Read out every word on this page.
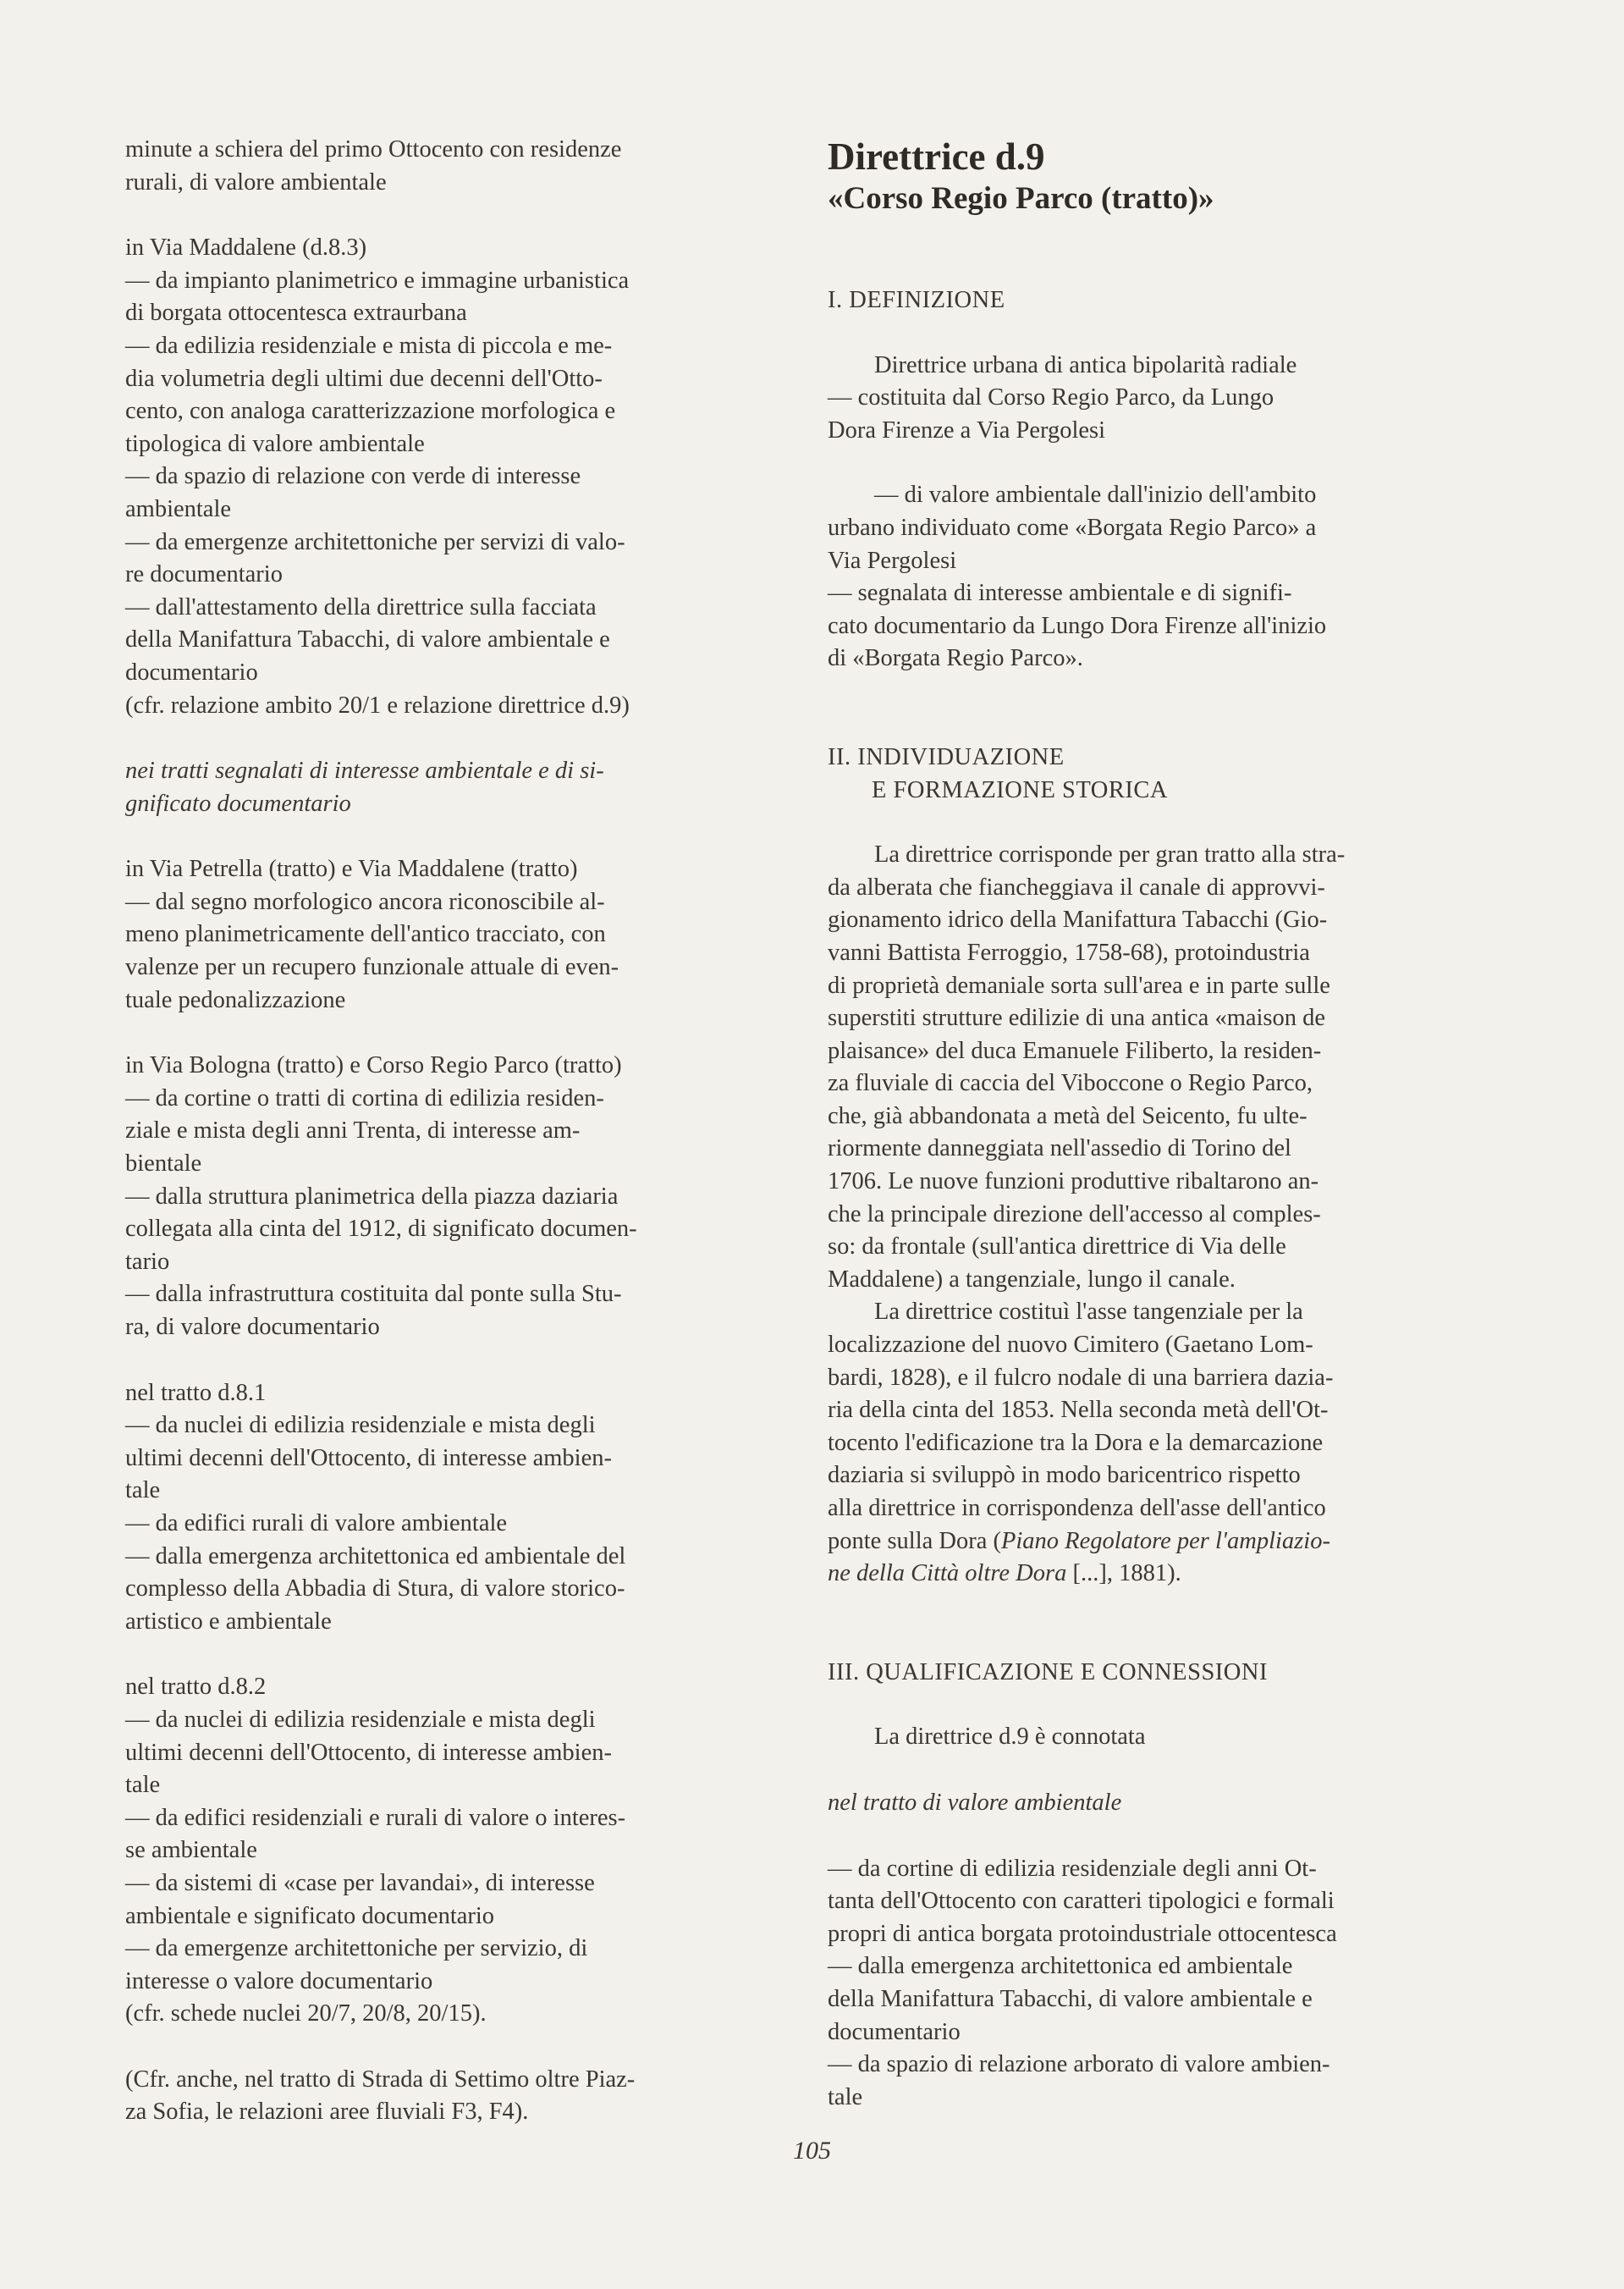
minute a schiera del primo Ottocento con residenze
rurali, di valore ambientale
in Via Maddalene (d.8.3)
— da impianto planimetrico e immagine urbanistica
di borgata ottocentesca extraurbana
— da edilizia residenziale e mista di piccola e me-
dia volumetria degli ultimi due decenni dell'Otto-
cento, con analoga caratterizzazione morfologica e
tipologica di valore ambientale
— da spazio di relazione con verde di interesse
ambientale
— da emergenze architettoniche per servizi di valo-
re documentario
— dall'attestamento della direttrice sulla facciata
della Manifattura Tabacchi, di valore ambientale e
documentario
(cfr. relazione ambito 20/1 e relazione direttrice d.9)
nei tratti segnalati di interesse ambientale e di si-
gnificato documentario
in Via Petrella (tratto) e Via Maddalene (tratto)
— dal segno morfologico ancora riconoscibile al-
meno planimetricamente dell'antico tracciato, con
valenze per un recupero funzionale attuale di even-
tuale pedonalizzazione
in Via Bologna (tratto) e Corso Regio Parco (tratto)
— da cortine o tratti di cortina di edilizia residen-
ziale e mista degli anni Trenta, di interesse am-
bientale
— dalla struttura planimetrica della piazza daziaria
collegata alla cinta del 1912, di significato documen-
tario
— dalla infrastruttura costituita dal ponte sulla Stu-
ra, di valore documentario
nel tratto d.8.1
— da nuclei di edilizia residenziale e mista degli
ultimi decenni dell'Ottocento, di interesse ambien-
tale
— da edifici rurali di valore ambientale
— dalla emergenza architettonica ed ambientale del
complesso della Abbadia di Stura, di valore storico-
artistico e ambientale
nel tratto d.8.2
— da nuclei di edilizia residenziale e mista degli
ultimi decenni dell'Ottocento, di interesse ambien-
tale
— da edifici residenziali e rurali di valore o interes-
se ambientale
— da sistemi di «case per lavandai», di interesse
ambientale e significato documentario
— da emergenze architettoniche per servizio, di
interesse o valore documentario
(cfr. schede nuclei 20/7, 20/8, 20/15).
(Cfr. anche, nel tratto di Strada di Settimo oltre Piaz-
za Sofia, le relazioni aree fluviali F3, F4).
Direttrice d.9
«Corso Regio Parco (tratto)»
I. DEFINIZIONE
Direttrice urbana di antica bipolarità radiale
— costituita dal Corso Regio Parco, da Lungo
Dora Firenze a Via Pergolesi
— di valore ambientale dall'inizio dell'ambito
urbano individuato come «Borgata Regio Parco» a
Via Pergolesi
— segnalata di interesse ambientale e di signifi-
cato documentario da Lungo Dora Firenze all'inizio
di «Borgata Regio Parco».
II. INDIVIDUAZIONE
E FORMAZIONE STORICA
La direttrice corrisponde per gran tratto alla stra-
da alberata che fiancheggiava il canale di approvvi-
gionamento idrico della Manifattura Tabacchi (Gio-
vanni Battista Ferroggio, 1758-68), protoindustria
di proprietà demaniale sorta sull'area e in parte sulle
superstiti strutture edilizie di una antica «maison de
plaisance» del duca Emanuele Filiberto, la residen-
za fluviale di caccia del Viboccone o Regio Parco,
che, già abbandonata a metà del Seicento, fu ulte-
riormente danneggiata nell'assedio di Torino del
1706. Le nuove funzioni produttive ribaltarono an-
che la principale direzione dell'accesso al comples-
so: da frontale (sull'antica direttrice di Via delle
Maddalene) a tangenziale, lungo il canale.
La direttrice costituì l'asse tangenziale per la
localizzazione del nuovo Cimitero (Gaetano Lom-
bardi, 1828), e il fulcro nodale di una barriera dazia-
ria della cinta del 1853. Nella seconda metà dell'Ot-
tocento l'edificazione tra la Dora e la demarcazione
daziaria si sviluppò in modo baricentrico rispetto
alla direttrice in corrispondenza dell'asse dell'antico
ponte sulla Dora (Piano Regolatore per l'ampliazio-
ne della Città oltre Dora [...], 1881).
III. QUALIFICAZIONE E CONNESSIONI
La direttrice d.9 è connotata
nel tratto di valore ambientale
— da cortine di edilizia residenziale degli anni Ot-
tanta dell'Ottocento con caratteri tipologici e formali
propri di antica borgata protoindustriale ottocentesca
— dalla emergenza architettonica ed ambientale
della Manifattura Tabacchi, di valore ambientale e
documentario
— da spazio di relazione arborato di valore ambien-
tale
105
